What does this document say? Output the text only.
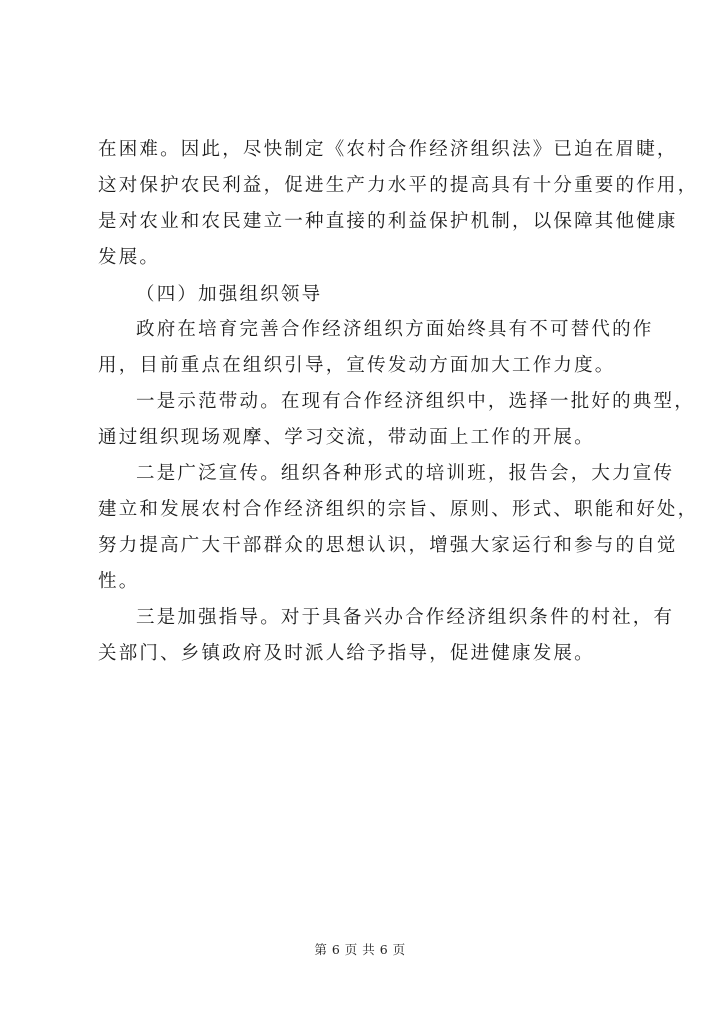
在困难。因此，尽快制定《农村合作经济组织法》已迫在眉睫，
这对保护农民利益，促进生产力水平的提高具有十分重要的作用，
是对农业和农民建立一种直接的利益保护机制，以保障其他健康
发展。
（四）加强组织领导
政府在培育完善合作经济组织方面始终具有不可替代的作
用，目前重点在组织引导，宣传发动方面加大工作力度。
一是示范带动。在现有合作经济组织中，选择一批好的典型，
通过组织现场观摩、学习交流，带动面上工作的开展。
二是广泛宣传。组织各种形式的培训班，报告会，大力宣传
建立和发展农村合作经济组织的宗旨、原则、形式、职能和好处，
努力提高广大干部群众的思想认识，增强大家运行和参与的自觉
性。
三是加强指导。对于具备兴办合作经济组织条件的村社，有
关部门、乡镇政府及时派人给予指导，促进健康发展。
第 6 页 共 6 页
